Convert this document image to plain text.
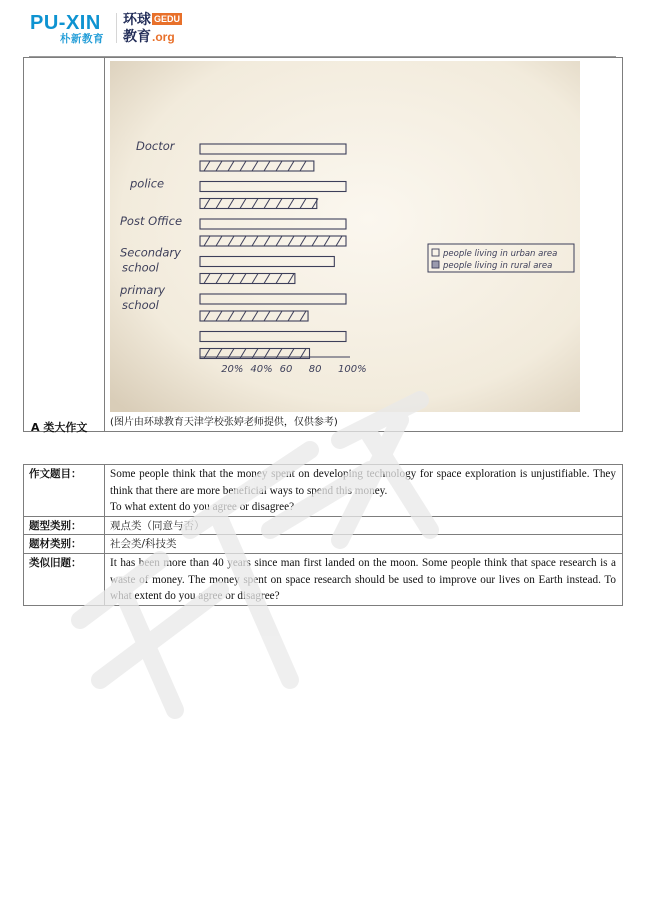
PU-XIN
朴新教育
环球
教育
GEDU
.org
Doctor
police
Post Office
Secondary
school
primary
school
20% 40% 60 80 100%
people living in urban area
people living in rural area
(图片由环球教育天津学校张婷老师提供，仅供参考)
A 类大作文
作文题目：	Some people think that the money spent on developing technology for space exploration is unjustifiable. They think that there are more beneficial ways to spend this money.
To what extent do you agree or disagree?

题型类别：	观点类（同意与否）
题材类别：	社会类/科技类
类似旧题：	It has been more than 40 years since man first landed on the moon. Some people think that space research is a waste of money. The money spent on space research should be used to improve our lives on Earth instead. To what extent do you agree or disagree?
